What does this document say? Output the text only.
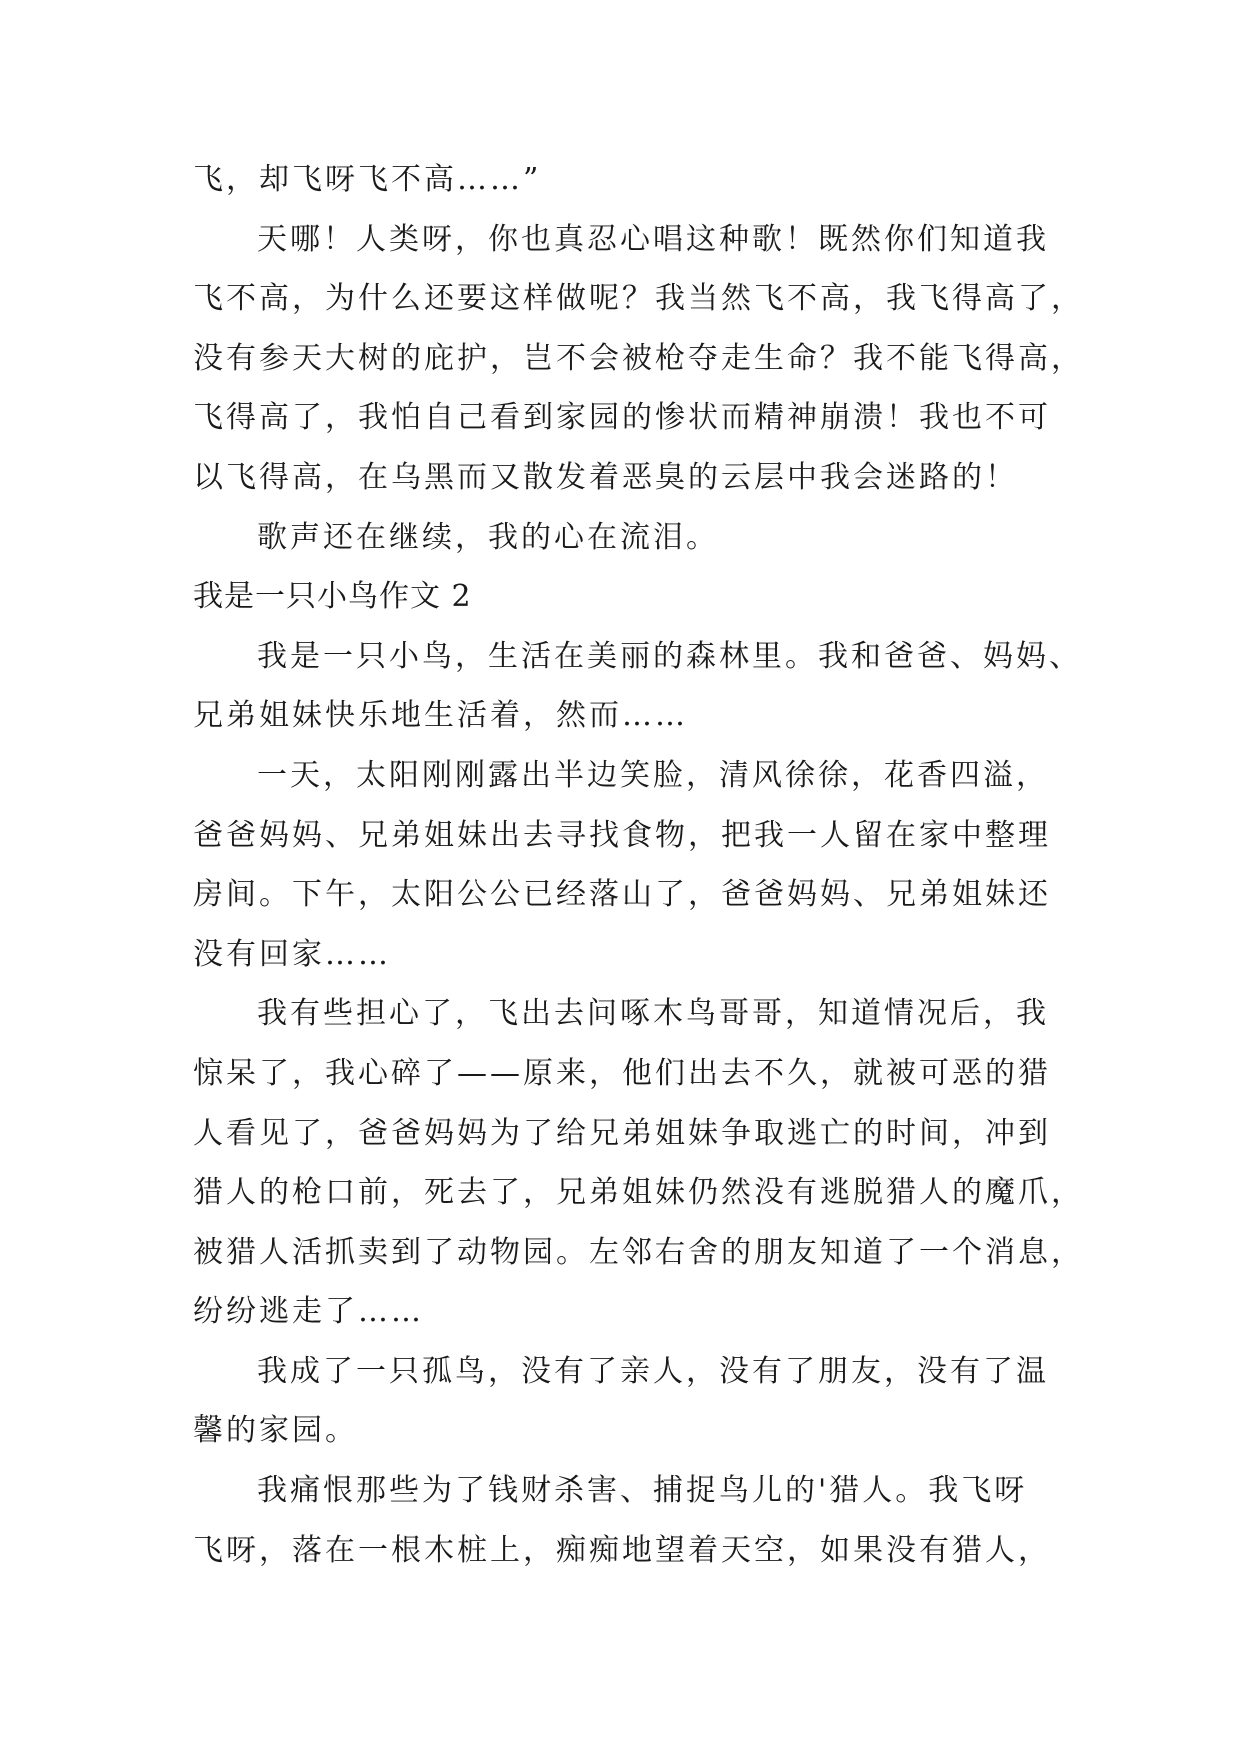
飞，却飞呀飞不高……”
天哪！人类呀，你也真忍心唱这种歌！既然你们知道我
飞不高，为什么还要这样做呢？我当然飞不高，我飞得高了，
没有参天大树的庇护，岂不会被枪夺走生命？我不能飞得高，
飞得高了，我怕自己看到家园的惨状而精神崩溃！我也不可
以飞得高，在乌黑而又散发着恶臭的云层中我会迷路的！
歌声还在继续，我的心在流泪。
我是一只小鸟作文 2
我是一只小鸟，生活在美丽的森林里。我和爸爸、妈妈、
兄弟姐妹快乐地生活着，然而……
一天，太阳刚刚露出半边笑脸，清风徐徐，花香四溢，
爸爸妈妈、兄弟姐妹出去寻找食物，把我一人留在家中整理
房间。下午，太阳公公已经落山了，爸爸妈妈、兄弟姐妹还
没有回家……
我有些担心了，飞出去问啄木鸟哥哥，知道情况后，我
惊呆了，我心碎了——原来，他们出去不久，就被可恶的猎
人看见了，爸爸妈妈为了给兄弟姐妹争取逃亡的时间，冲到
猎人的枪口前，死去了，兄弟姐妹仍然没有逃脱猎人的魔爪，
被猎人活抓卖到了动物园。左邻右舍的朋友知道了一个消息，
纷纷逃走了……
我成了一只孤鸟，没有了亲人，没有了朋友，没有了温
馨的家园。
我痛恨那些为了钱财杀害、捕捉鸟儿的'猎人。我飞呀
飞呀，落在一根木桩上，痴痴地望着天空，如果没有猎人，
